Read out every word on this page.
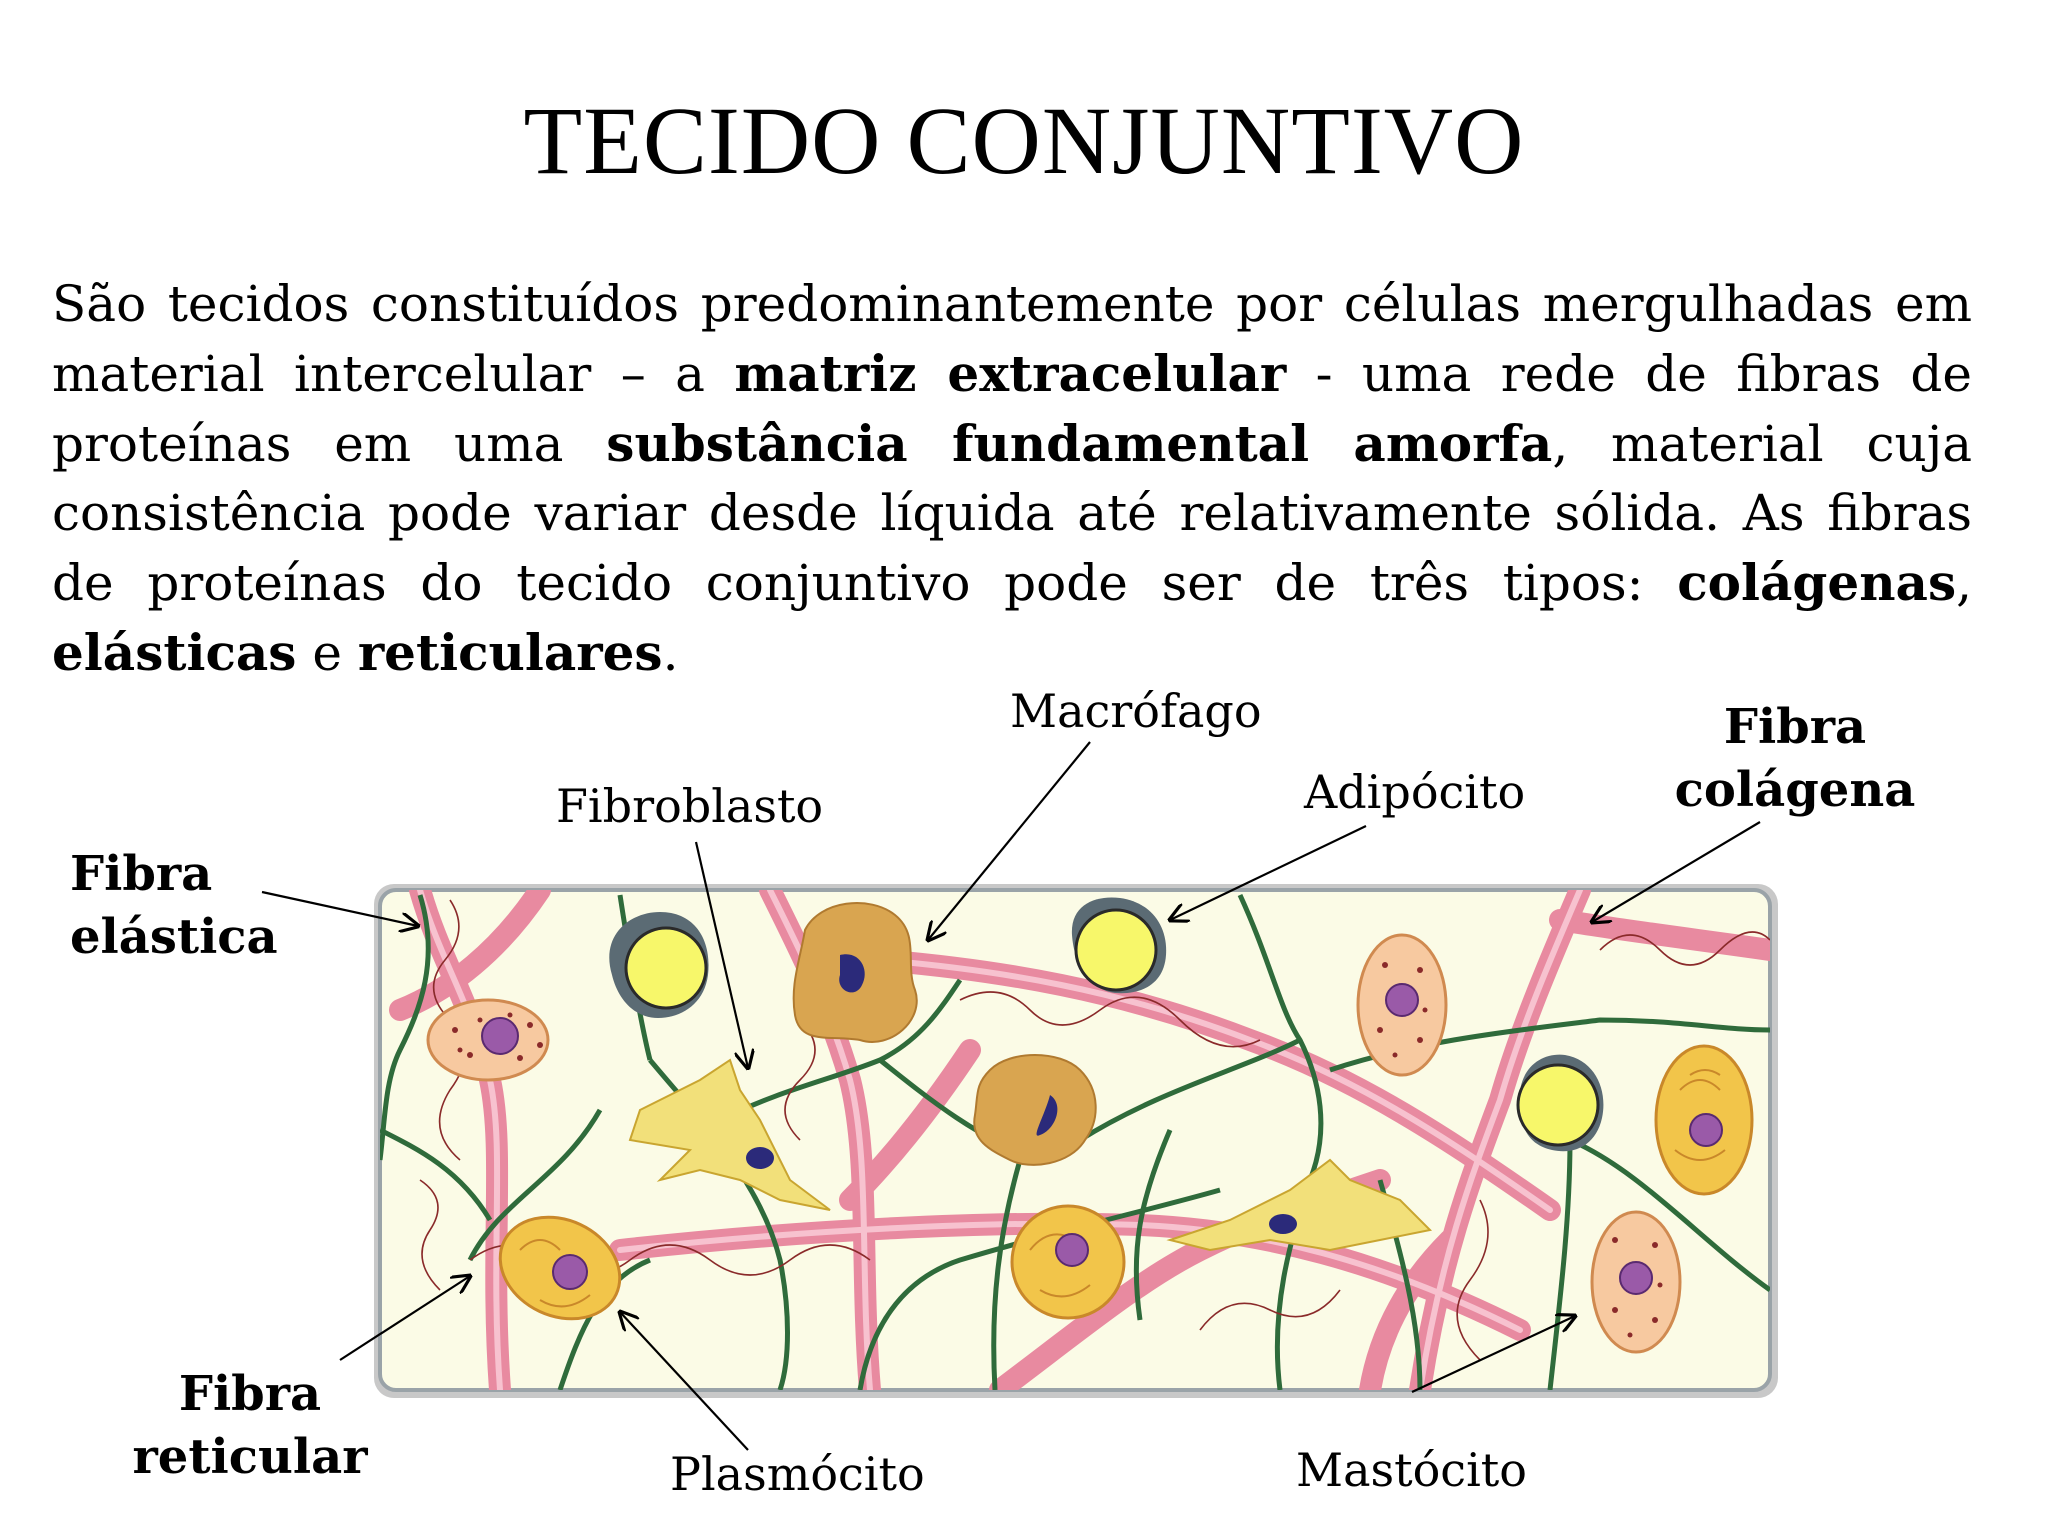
TECIDO CONJUNTIVO
São tecidos constituídos predominantemente por células mergulhadas em material intercelular – a matriz extracelular - uma rede de fibras de proteínas em uma substância fundamental amorfa, material cuja consistência pode variar desde líquida até relativamente sólida. As fibras de proteínas do tecido conjuntivo pode ser de três tipos: colágenas, elásticas e reticulares.
Macrófago
Fibroblasto	Adipócito
Fibra
colágena
Fibra
elástica
Fibra
reticular	Plasmócito	Mastócito
